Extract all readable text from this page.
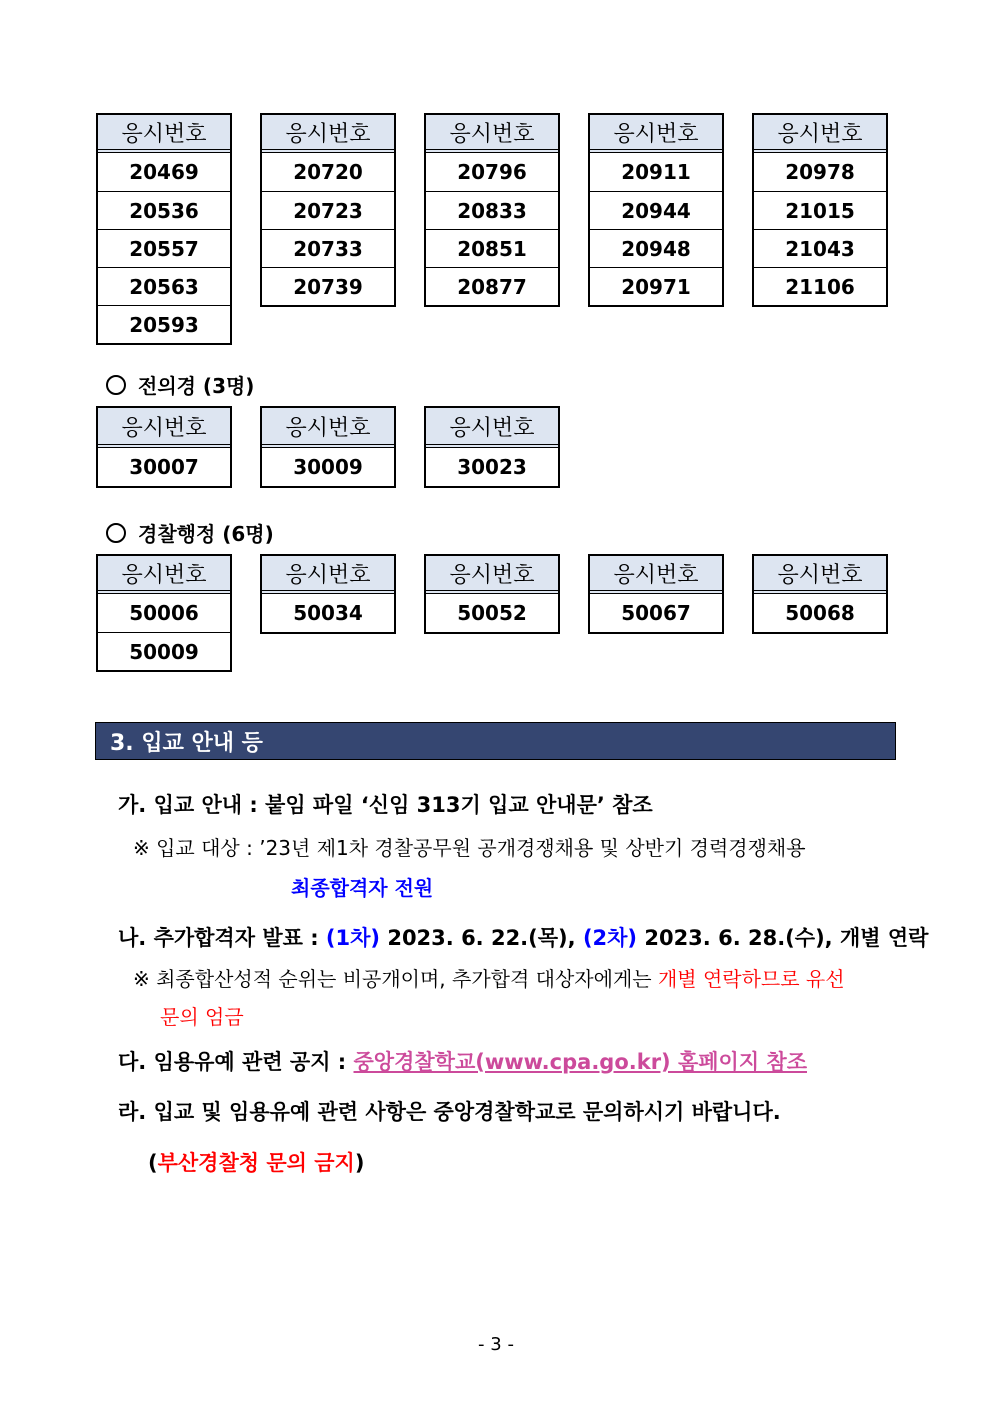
응시번호
20469
20536
20557
20563
20593
응시번호
20720
20723
20733
20739
응시번호
20796
20833
20851
20877
응시번호
20911
20944
20948
20971
응시번호
20978
21015
21043
21106
응시번호
30007
응시번호
30009
응시번호
30023
응시번호
50006
50009
응시번호
50034
응시번호
50052
응시번호
50067
응시번호
50068
전의경 (3명)
경찰행정 (6명)
3. 입교 안내 등
가. 입교 안내 : 붙임 파일 ‘신임 313기 입교 안내문’ 참조
※ 입교 대상 : ’23년 제1차 경찰공무원 공개경쟁채용 및 상반기 경력경쟁채용
최종합격자 전원
나. 추가합격자 발표 : (1차) 2023. 6. 22.(목), (2차) 2023. 6. 28.(수), 개별 연락
※ 최종합산성적 순위는 비공개이며, 추가합격 대상자에게는 개별 연락하므로 유선
문의 엄금
다. 임용유예 관련 공지 : 중앙경찰학교(www.cpa.go.kr) 홈페이지 참조
라. 입교 및 임용유예 관련 사항은 중앙경찰학교로 문의하시기 바랍니다.
(부산경찰청 문의 금지)
- 3 -
